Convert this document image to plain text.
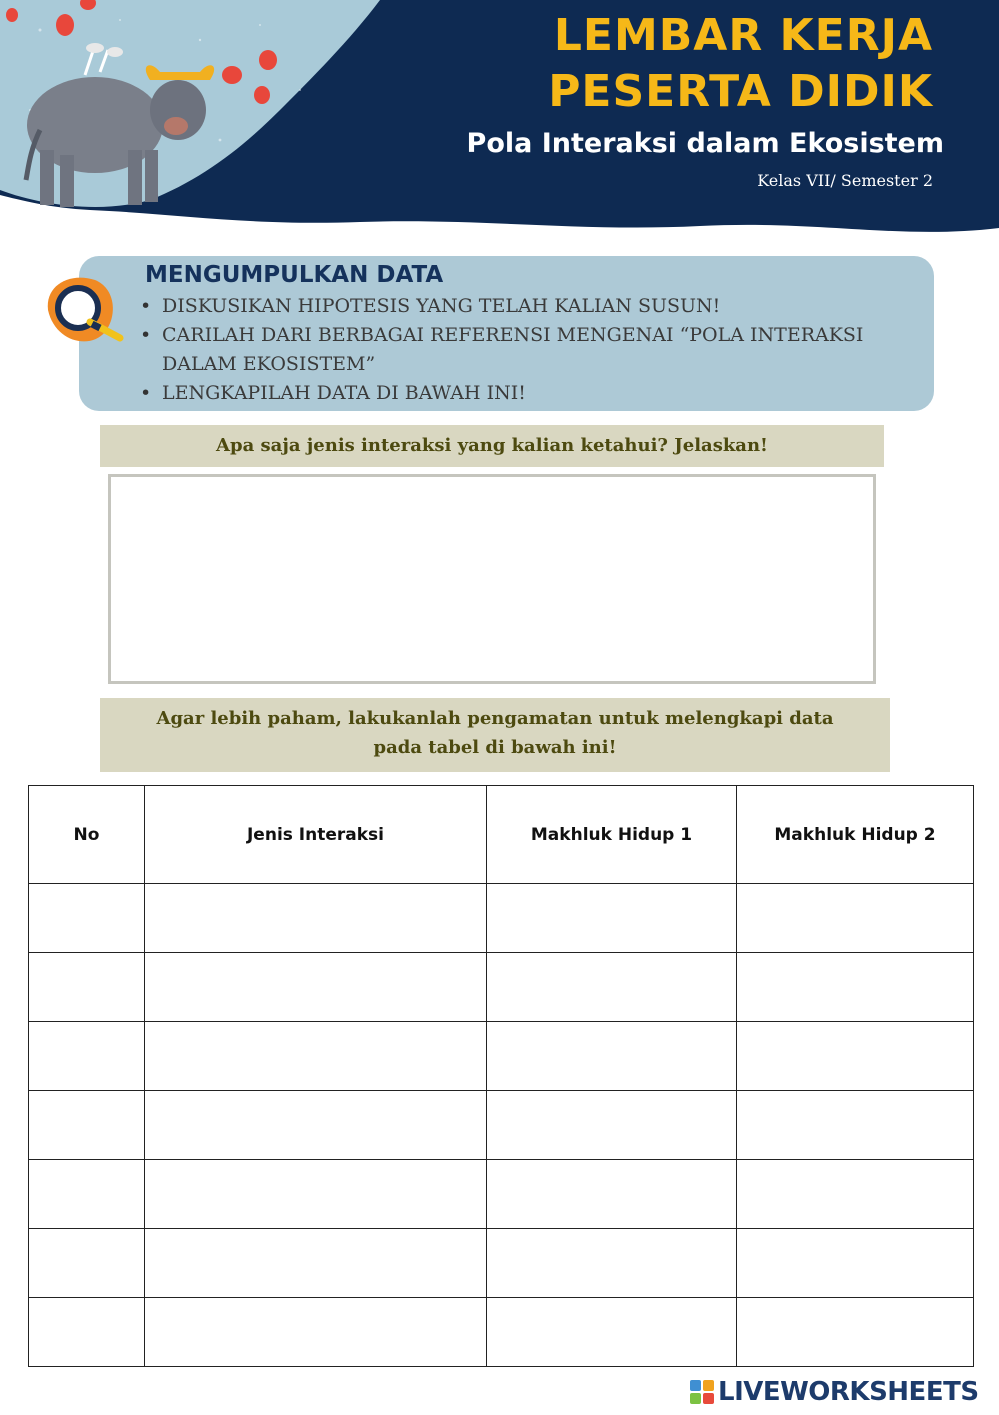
LEMBAR KERJA
PESERTA DIDIK
Pola Interaksi dalam Ekosistem
Kelas VII/ Semester 2
MENGUMPULKAN DATA
• DISKUSIKAN HIPOTESIS YANG TELAH KALIAN SUSUN!
• CARILAH DARI BERBAGAI REFERENSI MENGENAI “POLA INTERAKSI DALAM EKOSISTEM”
• LENGKAPILAH DATA DI BAWAH INI!
Apa saja jenis interaksi yang kalian ketahui? Jelaskan!
Agar lebih paham, lakukanlah pengamatan untuk melengkapi data
pada tabel di bawah ini!
No	Jenis Interaksi	Makhluk Hidup 1	Makhluk Hidup 2

LIVEWORKSHEETS
